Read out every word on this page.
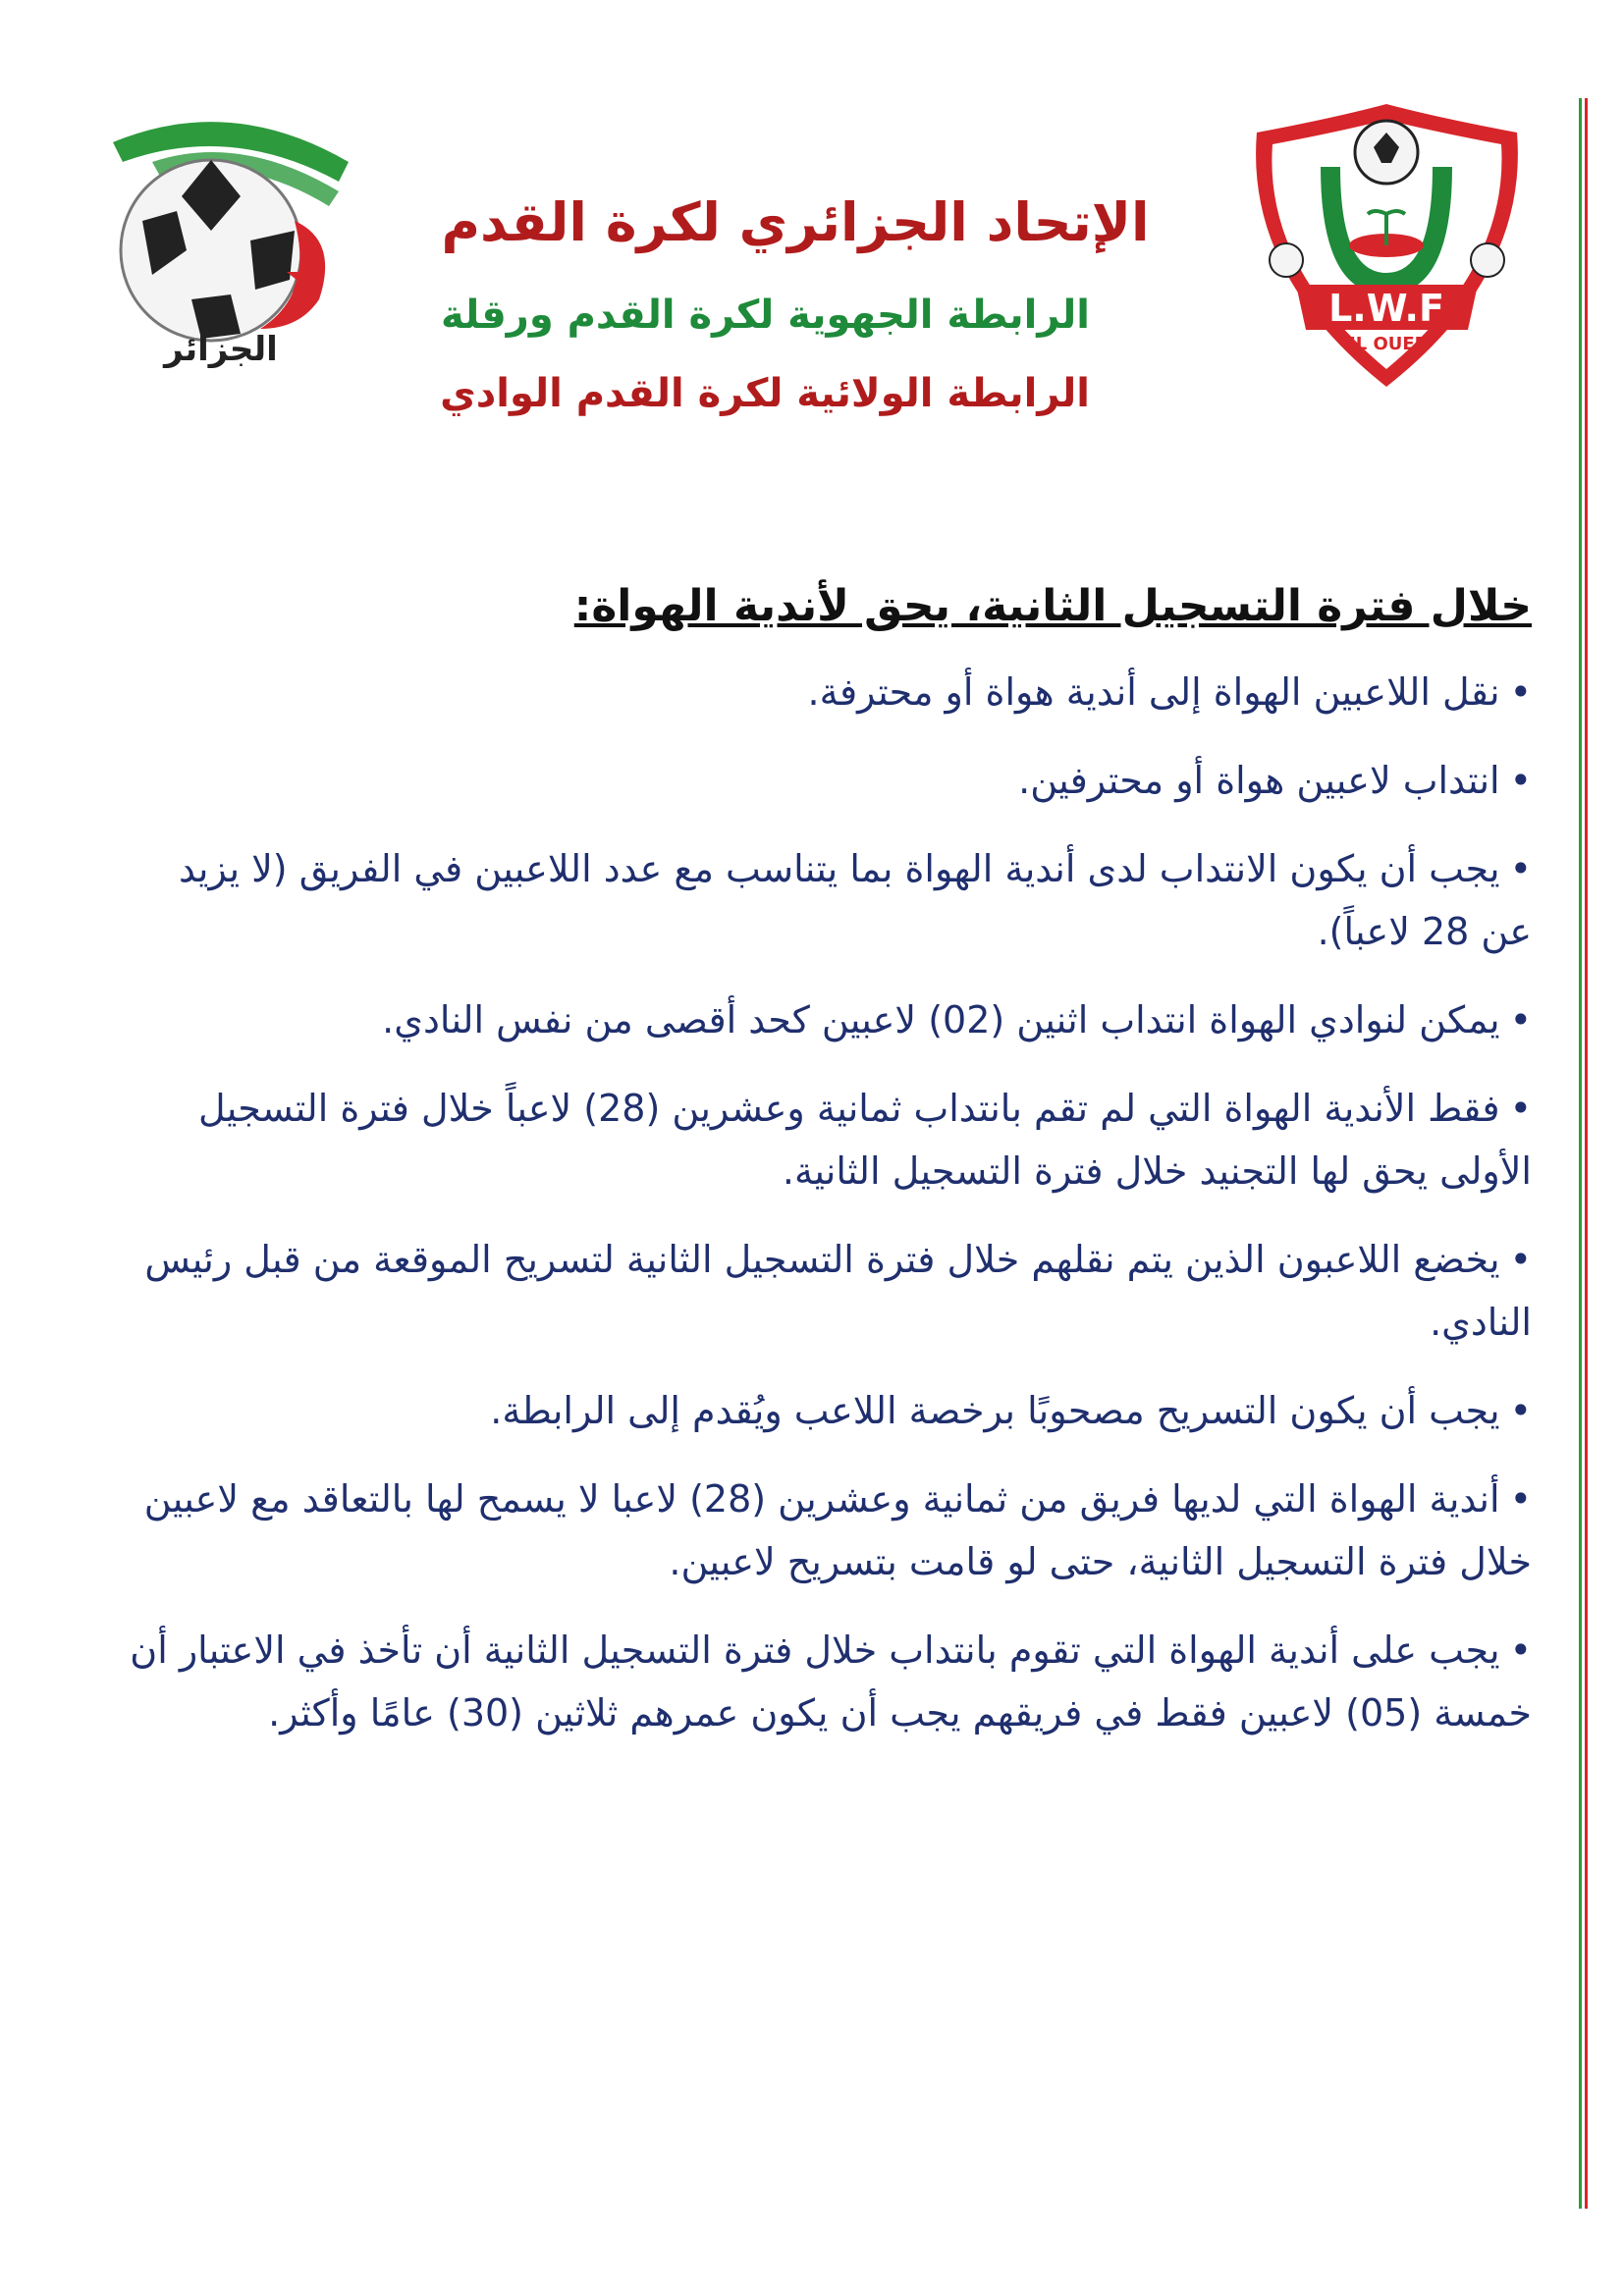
الجزائر
L.W.F
EL OUED
الإتحاد الجزائري لكرة القدم
الرابطة الجهوية لكرة القدم ورقلة
الرابطة الولائية لكرة القدم الوادي
خلال فترة التسجيل الثانية، يحق لأندية الهواة:
•نقل اللاعبين الهواة إلى أندية هواة أو محترفة.
•انتداب لاعبين هواة أو محترفين.
•يجب أن يكون الانتداب لدى أندية الهواة بما يتناسب مع عدد اللاعبين في الفريق (لا يزيد عن 28 لاعباً).
•يمكن لنوادي الهواة انتداب اثنين (02) لاعبين كحد أقصى من نفس النادي.
•فقط الأندية الهواة التي لم تقم بانتداب ثمانية وعشرين (28) لاعباً خلال فترة التسجيل الأولى يحق لها التجنيد خلال فترة التسجيل الثانية.
•يخضع اللاعبون الذين يتم نقلهم خلال فترة التسجيل الثانية لتسريح الموقعة من قبل رئيس النادي.
•يجب أن يكون التسريح مصحوبًا برخصة اللاعب ويُقدم إلى الرابطة.
•أندية الهواة التي لديها فريق من ثمانية وعشرين (28) لاعبا لا يسمح لها بالتعاقد مع لاعبين خلال فترة التسجيل الثانية، حتى لو قامت بتسريح لاعبين.
•يجب على أندية الهواة التي تقوم بانتداب خلال فترة التسجيل الثانية أن تأخذ في الاعتبار أن خمسة (05) لاعبين فقط في فريقهم يجب أن يكون عمرهم ثلاثين (30) عامًا وأكثر.
